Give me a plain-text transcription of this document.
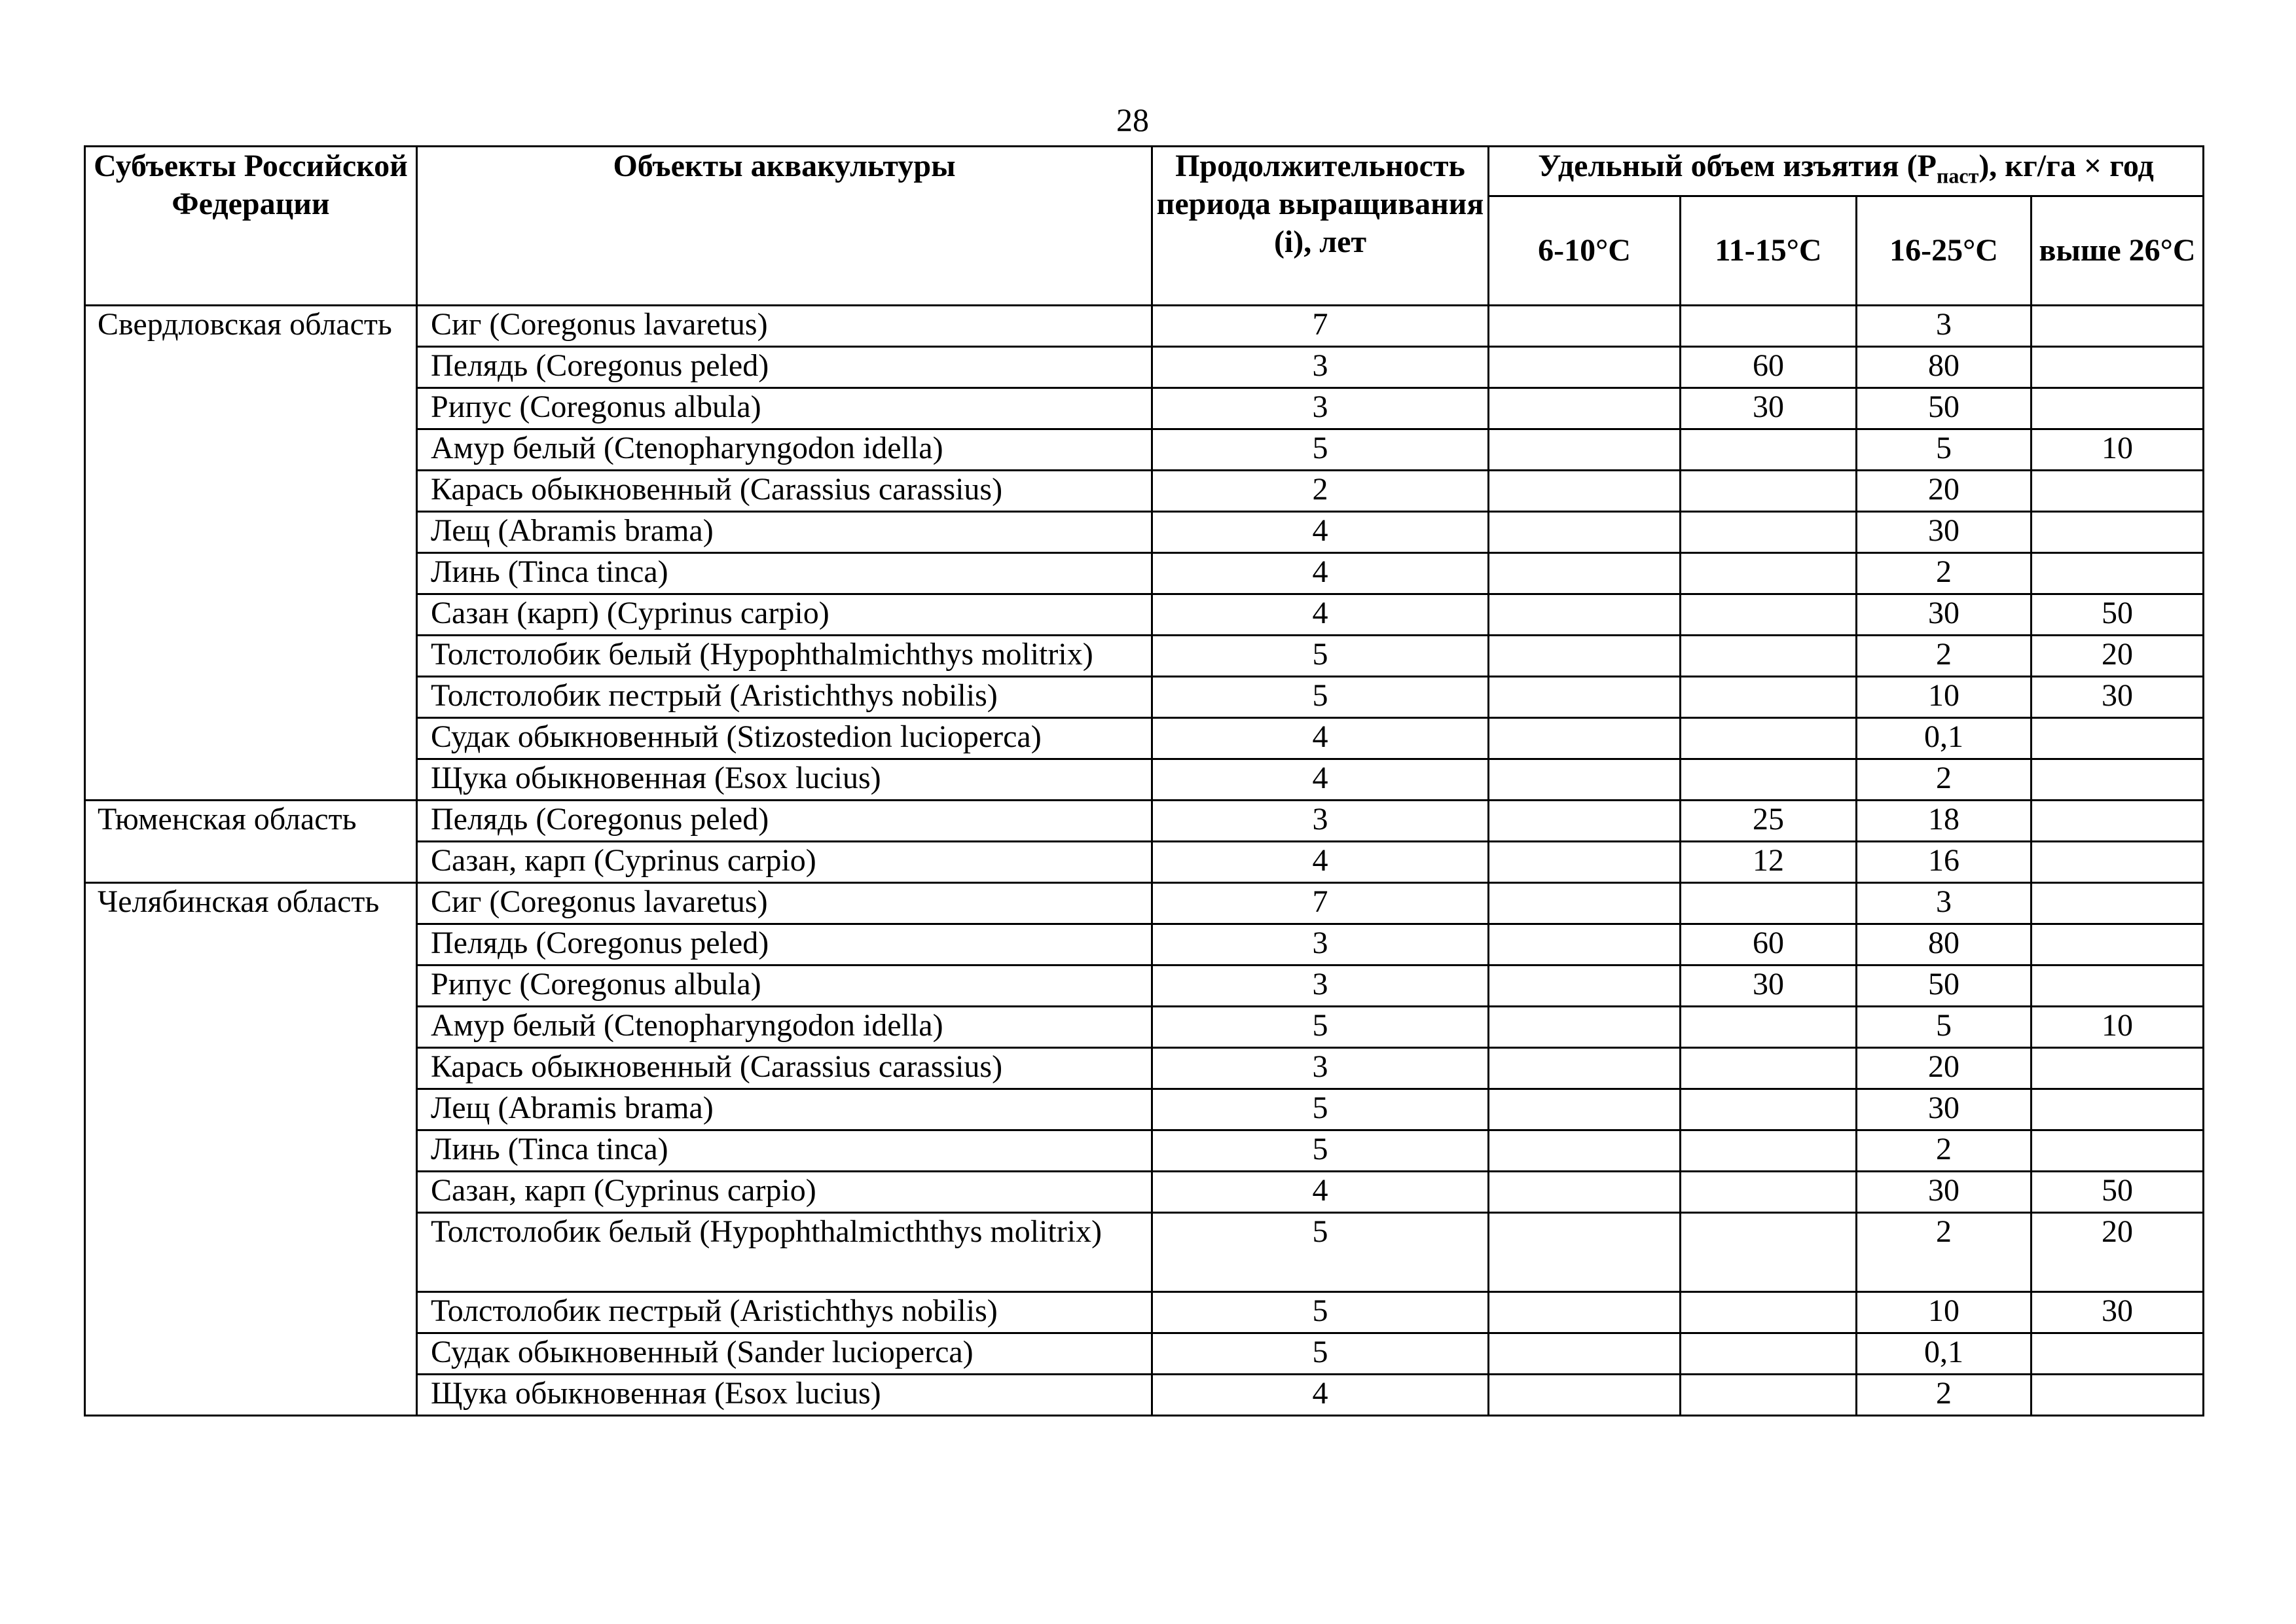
28
Субъекты Российской Федерации	Объекты аквакультуры	Продолжительность периода выращивания (i), лет	Удельный объем изъятия $(P_{паст})$, кг/га × год			
			6-10°C	11-15°C	16-25°C	выше 26°C
Свердловская область	Сиг (Coregonus lavaretus)	7			3	
	Пелядь (Coregonus peled)	3		60	80	
	Рипус (Coregonus albula)	3		30	50	
	Амур белый (Ctenopharyngodon idella)	5			5	10
	Карась обыкновенный (Carassius carassius)	2			20	
	Лещ (Abramis brama)	4			30	
	Линь (Tinca tinca)	4			2	
	Сазан (карп) (Cyprinus carpio)	4			30	50
	Толстолобик белый (Hypophthalmichthys molitrix)	5			2	20
	Толстолобик пестрый (Aristichthys nobilis)	5			10	30
	Судак обыкновенный (Stizostedion lucioperca)	4			0,1	
	Щука обыкновенная (Esox lucius)	4			2	
Тюменская область	Пелядь (Coregonus peled)	3		25	18	
	Сазан, карп (Cyprinus carpio)	4		12	16	
Челябинская область	Сиг (Coregonus lavaretus)	7			3	
	Пелядь (Coregonus peled)	3		60	80	
	Рипус (Coregonus albula)	3		30	50	
	Амур белый (Ctenopharyngodon idella)	5			5	10
	Карась обыкновенный (Carassius carassius)	3			20	
	Лещ (Abramis brama)	5			30	
	Линь (Tinca tinca)	5			2	
	Сазан, карп (Cyprinus carpio)	4			30	50
	Толстолобик белый (Hypophthalmicththys molitrix)	5			2	20
	Толстолобик пестрый (Aristichthys nobilis)	5			10	30
	Судак обыкновенный (Sander lucioperca)	5			0,1	
	Щука обыкновенная (Esox lucius)	4			2	
